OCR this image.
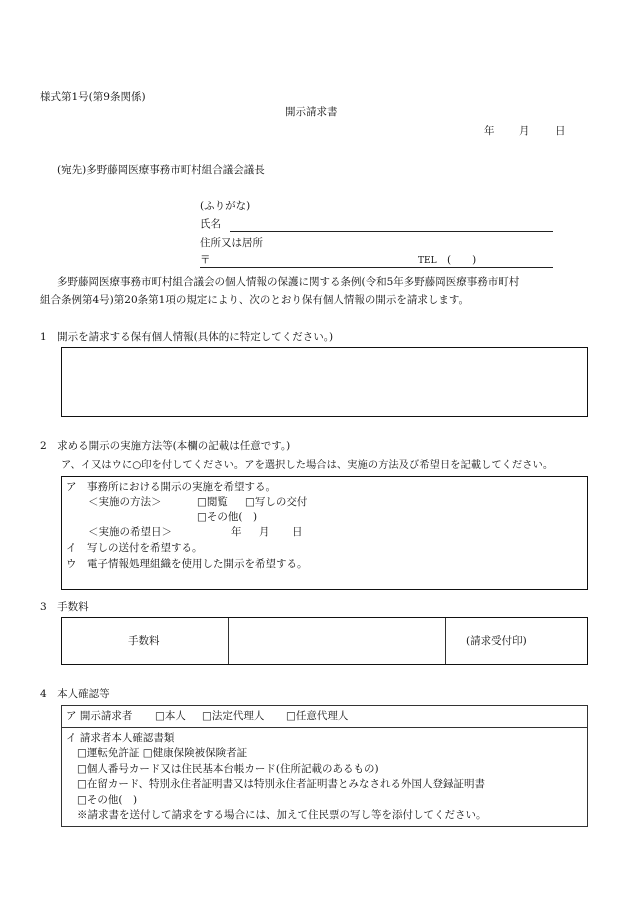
様式第1号(第9条関係)
開示請求書
年 月 日
(宛先)多野藤岡医療事務市町村組合議会議長
(ふりがな)
氏名
住所又は居所
〒	TEL (　　)
多野藤岡医療事務市町村組合議会の個人情報の保護に関する条例(令和5年多野藤岡医療事務市町村
組合条例第4号)第20条第1項の規定により、次のとおり保有個人情報の開示を請求します。
1　開示を請求する保有個人情報(具体的に特定してください。)
2　求める開示の実施方法等(本欄の記載は任意です。)
ア、イ又はウに○印を付してください。アを選択した場合は、実施の方法及び希望日を記載してください。
ア　事務所における開示の実施を希望する。
＜実施の方法＞	□閲覧 □写しの交付
□その他(　)
＜実施の希望日＞	年 月 日
イ　写しの送付を希望する。
ウ　電子情報処理組織を使用した開示を希望する。
3　手数料
手数料	(請求受付印)
4　本人確認等
ア 開示請求者 □本人 □法定代理人 □任意代理人
イ 請求者本人確認書類
□運転免許証 □健康保険被保険者証
□個人番号カード又は住民基本台帳カード(住所記載のあるもの)
□在留カード、特別永住者証明書又は特別永住者証明書とみなされる外国人登録証明書
□その他(　)
※請求書を送付して請求をする場合には、加えて住民票の写し等を添付してください。
